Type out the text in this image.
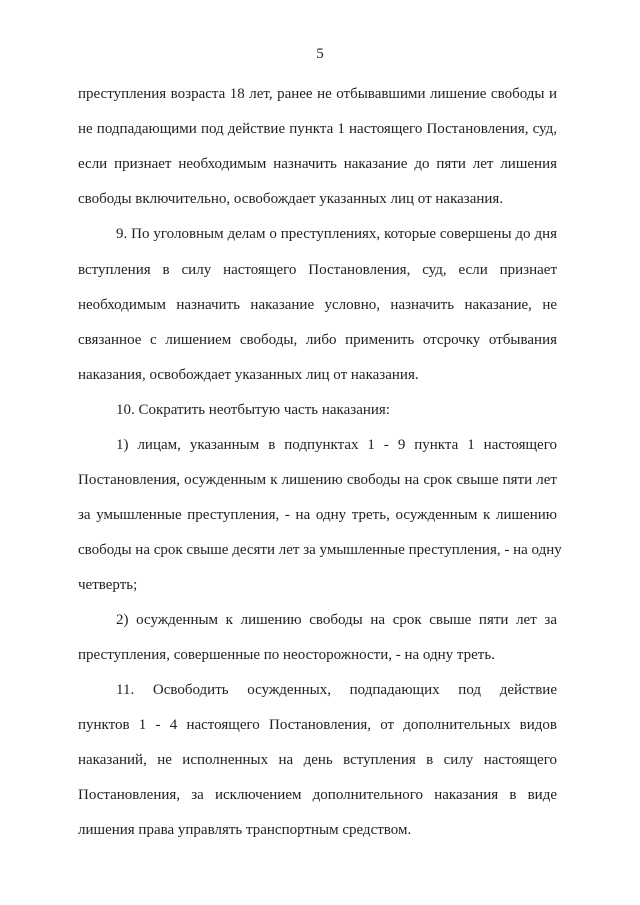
5
преступления возраста 18 лет, ранее не отбывавшими лишение свободы и
не подпадающими под действие пункта 1 настоящего Постановления, суд,
если признает необходимым назначить наказание до пяти лет лишения
свободы включительно, освобождает указанных лиц от наказания.
9. По уголовным делам о преступлениях, которые совершены до дня
вступления в силу настоящего Постановления, суд, если признает
необходимым назначить наказание условно, назначить наказание, не
связанное с лишением свободы, либо применить отсрочку отбывания
наказания, освобождает указанных лиц от наказания.
10. Сократить неотбытую часть наказания:
1) лицам, указанным в подпунктах 1 - 9 пункта 1 настоящего
Постановления, осужденным к лишению свободы на срок свыше пяти лет
за умышленные преступления, - на одну треть, осужденным к лишению
свободы на срок свыше десяти лет за умышленные преступления, - на одну
четверть;
2) осужденным к лишению свободы на срок свыше пяти лет за
преступления, совершенные по неосторожности, - на одну треть.
11. Освободить осужденных, подпадающих под действие
пунктов 1 - 4 настоящего Постановления, от дополнительных видов
наказаний, не исполненных на день вступления в силу настоящего
Постановления, за исключением дополнительного наказания в виде
лишения права управлять транспортным средством.
